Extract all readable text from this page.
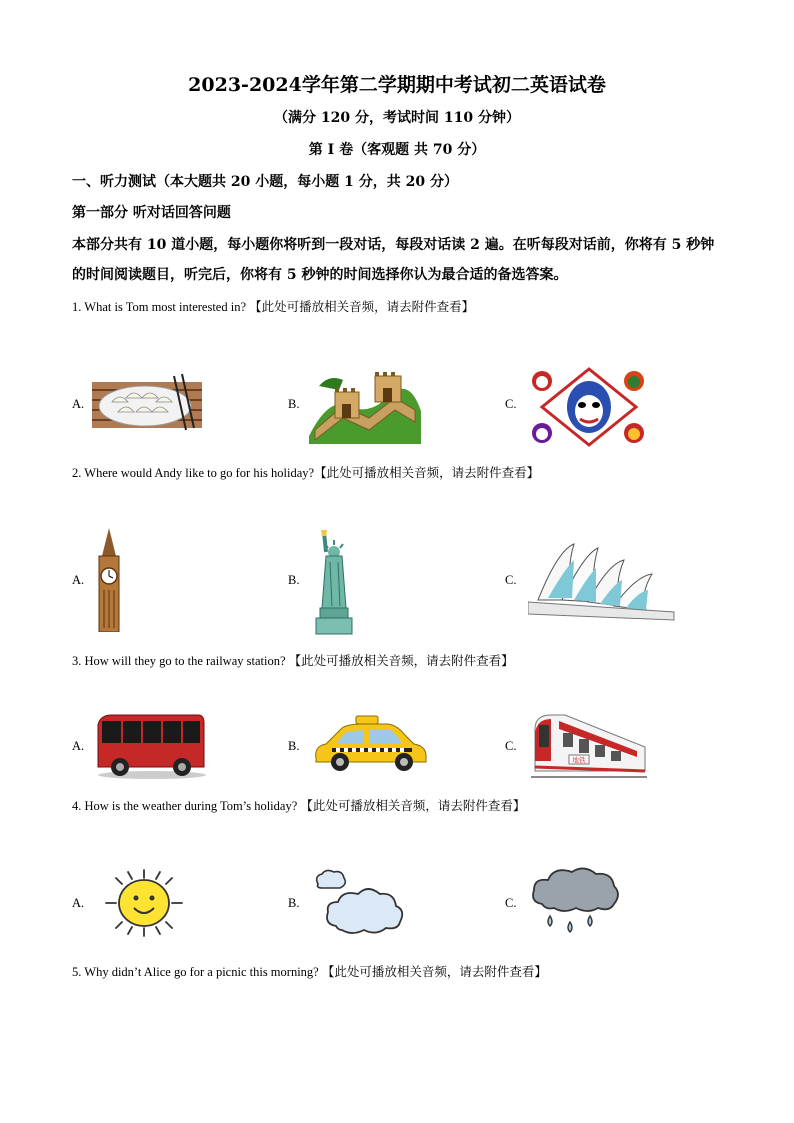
2023-2024学年第二学期期中考试初二英语试卷
（满分 120 分，考试时间 110 分钟）
第 I 卷（客观题 共 70 分）
一、听力测试（本大题共 20 小题，每小题 1 分，共 20 分）
第一部分 听对话回答问题
本部分共有 10 道小题，每小题你将听到一段对话，每段对话读 2 遍。在听每段对话前，你将有 5 秒钟的时间阅读题目，听完后，你将有 5 秒钟的时间选择你认为最合适的备选答案。
1. What is Tom most interested in? 【此处可播放相关音频，请去附件查看】
A.	B.	C.
2. Where would Andy like to go for his holiday?【此处可播放相关音频，请去附件查看】
A.	B.	C.
3. How will they go to the railway station? 【此处可播放相关音频，请去附件查看】
A.	B.	C.
地铁
4. How is the weather during Tom’s holiday? 【此处可播放相关音频，请去附件查看】
A.	B.	C.
5. Why didn’t Alice go for a picnic this morning? 【此处可播放相关音频，请去附件查看】
